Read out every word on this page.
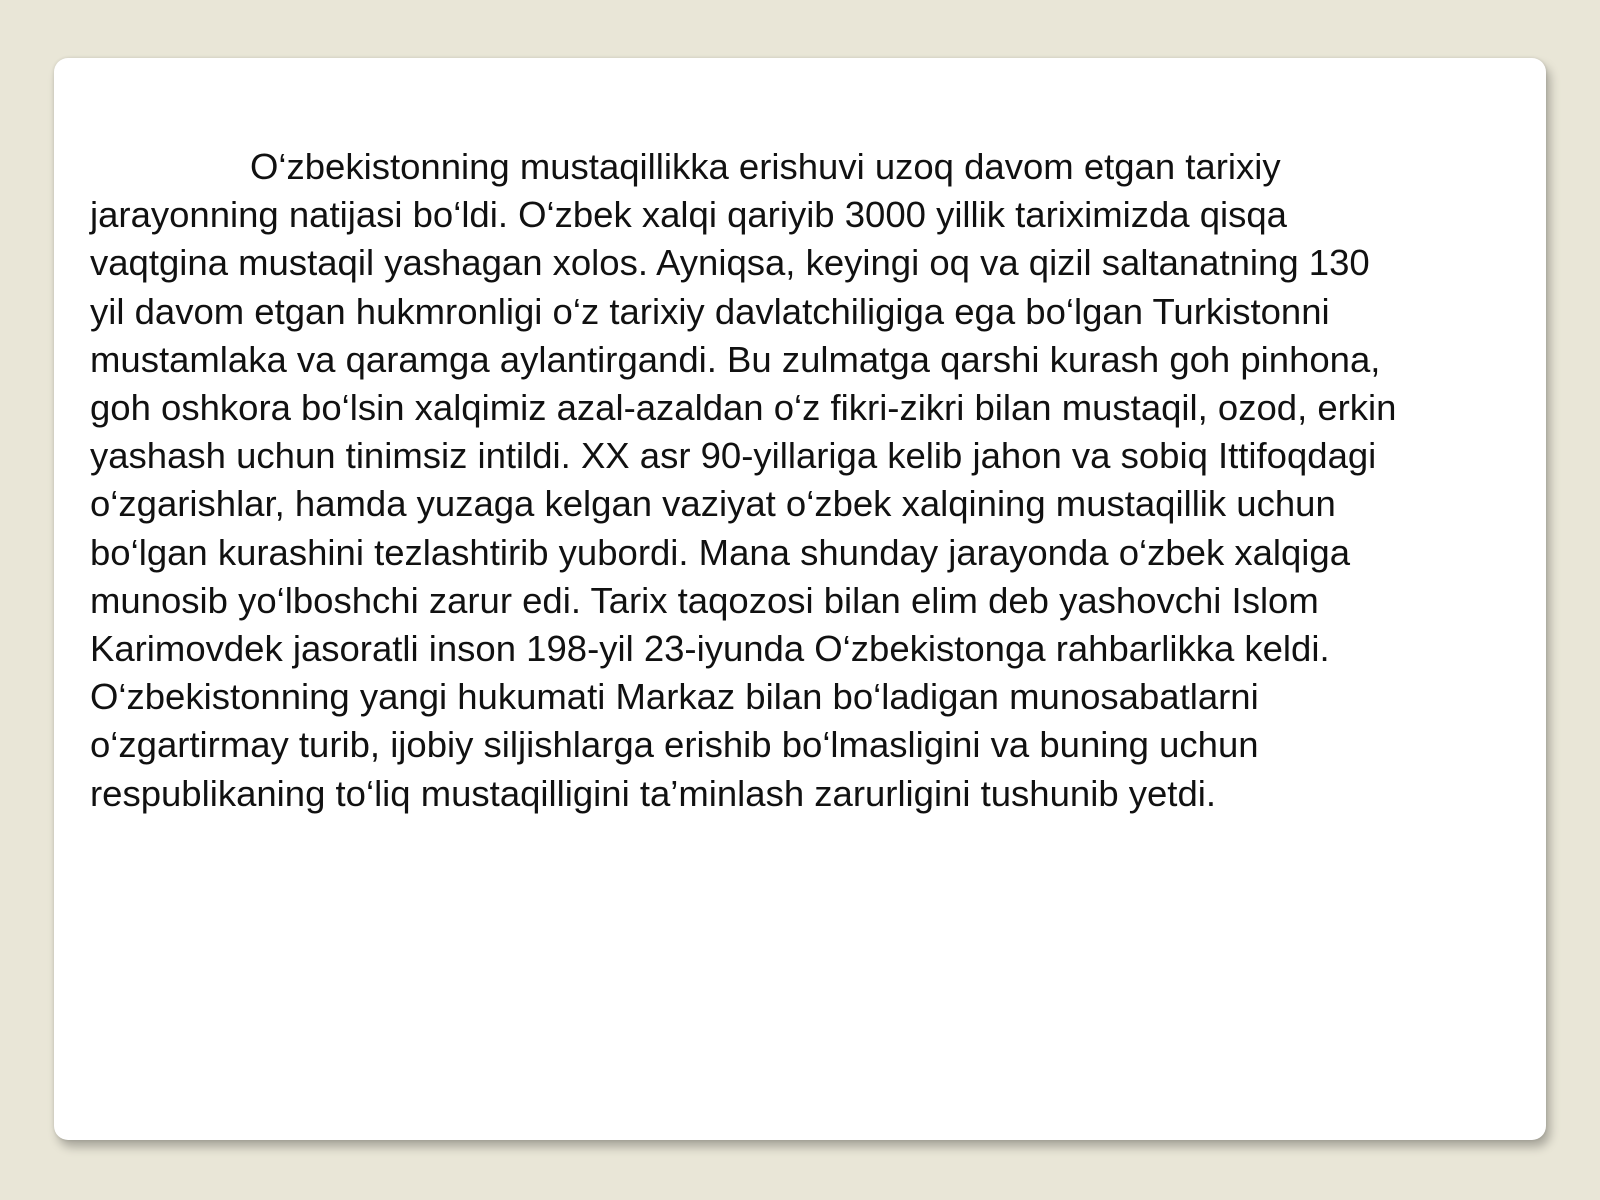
O‘zbekistonning mustaqillikka erishuvi uzoq davom etgan tarixiy
jarayonning natijasi bo‘ldi. O‘zbek xalqi qariyib 3000 yillik tariximizda qisqa
vaqtgina mustaqil yashagan xolos. Ayniqsa, keyingi oq va qizil saltanatning 130
yil davom etgan hukmronligi o‘z tarixiy davlatchiligiga ega bo‘lgan Turkistonni
mustamlaka va qaramga aylantirgandi. Bu zulmatga qarshi kurash goh pinhona,
goh oshkora bo‘lsin xalqimiz azal-azaldan o‘z fikri-zikri bilan mustaqil, ozod, erkin
yashash uchun tinimsiz intildi. XX asr 90-yillariga kelib jahon va sobiq Ittifoqdagi
o‘zgarishlar, hamda yuzaga kelgan vaziyat o‘zbek xalqining mustaqillik uchun
bo‘lgan kurashini tezlashtirib yubordi. Mana shunday jarayonda o‘zbek xalqiga
munosib yo‘lboshchi zarur edi. Tarix taqozosi bilan elim deb yashovchi Islom
Karimovdek jasoratli inson 198-yil 23-iyunda O‘zbekistonga rahbarlikka keldi.
O‘zbekistonning yangi hukumati Markaz bilan bo‘ladigan munosabatlarni
o‘zgartirmay turib, ijobiy siljishlarga erishib bo‘lmasligini va buning uchun
respublikaning to‘liq mustaqilligini ta’minlash zarurligini tushunib yetdi.
